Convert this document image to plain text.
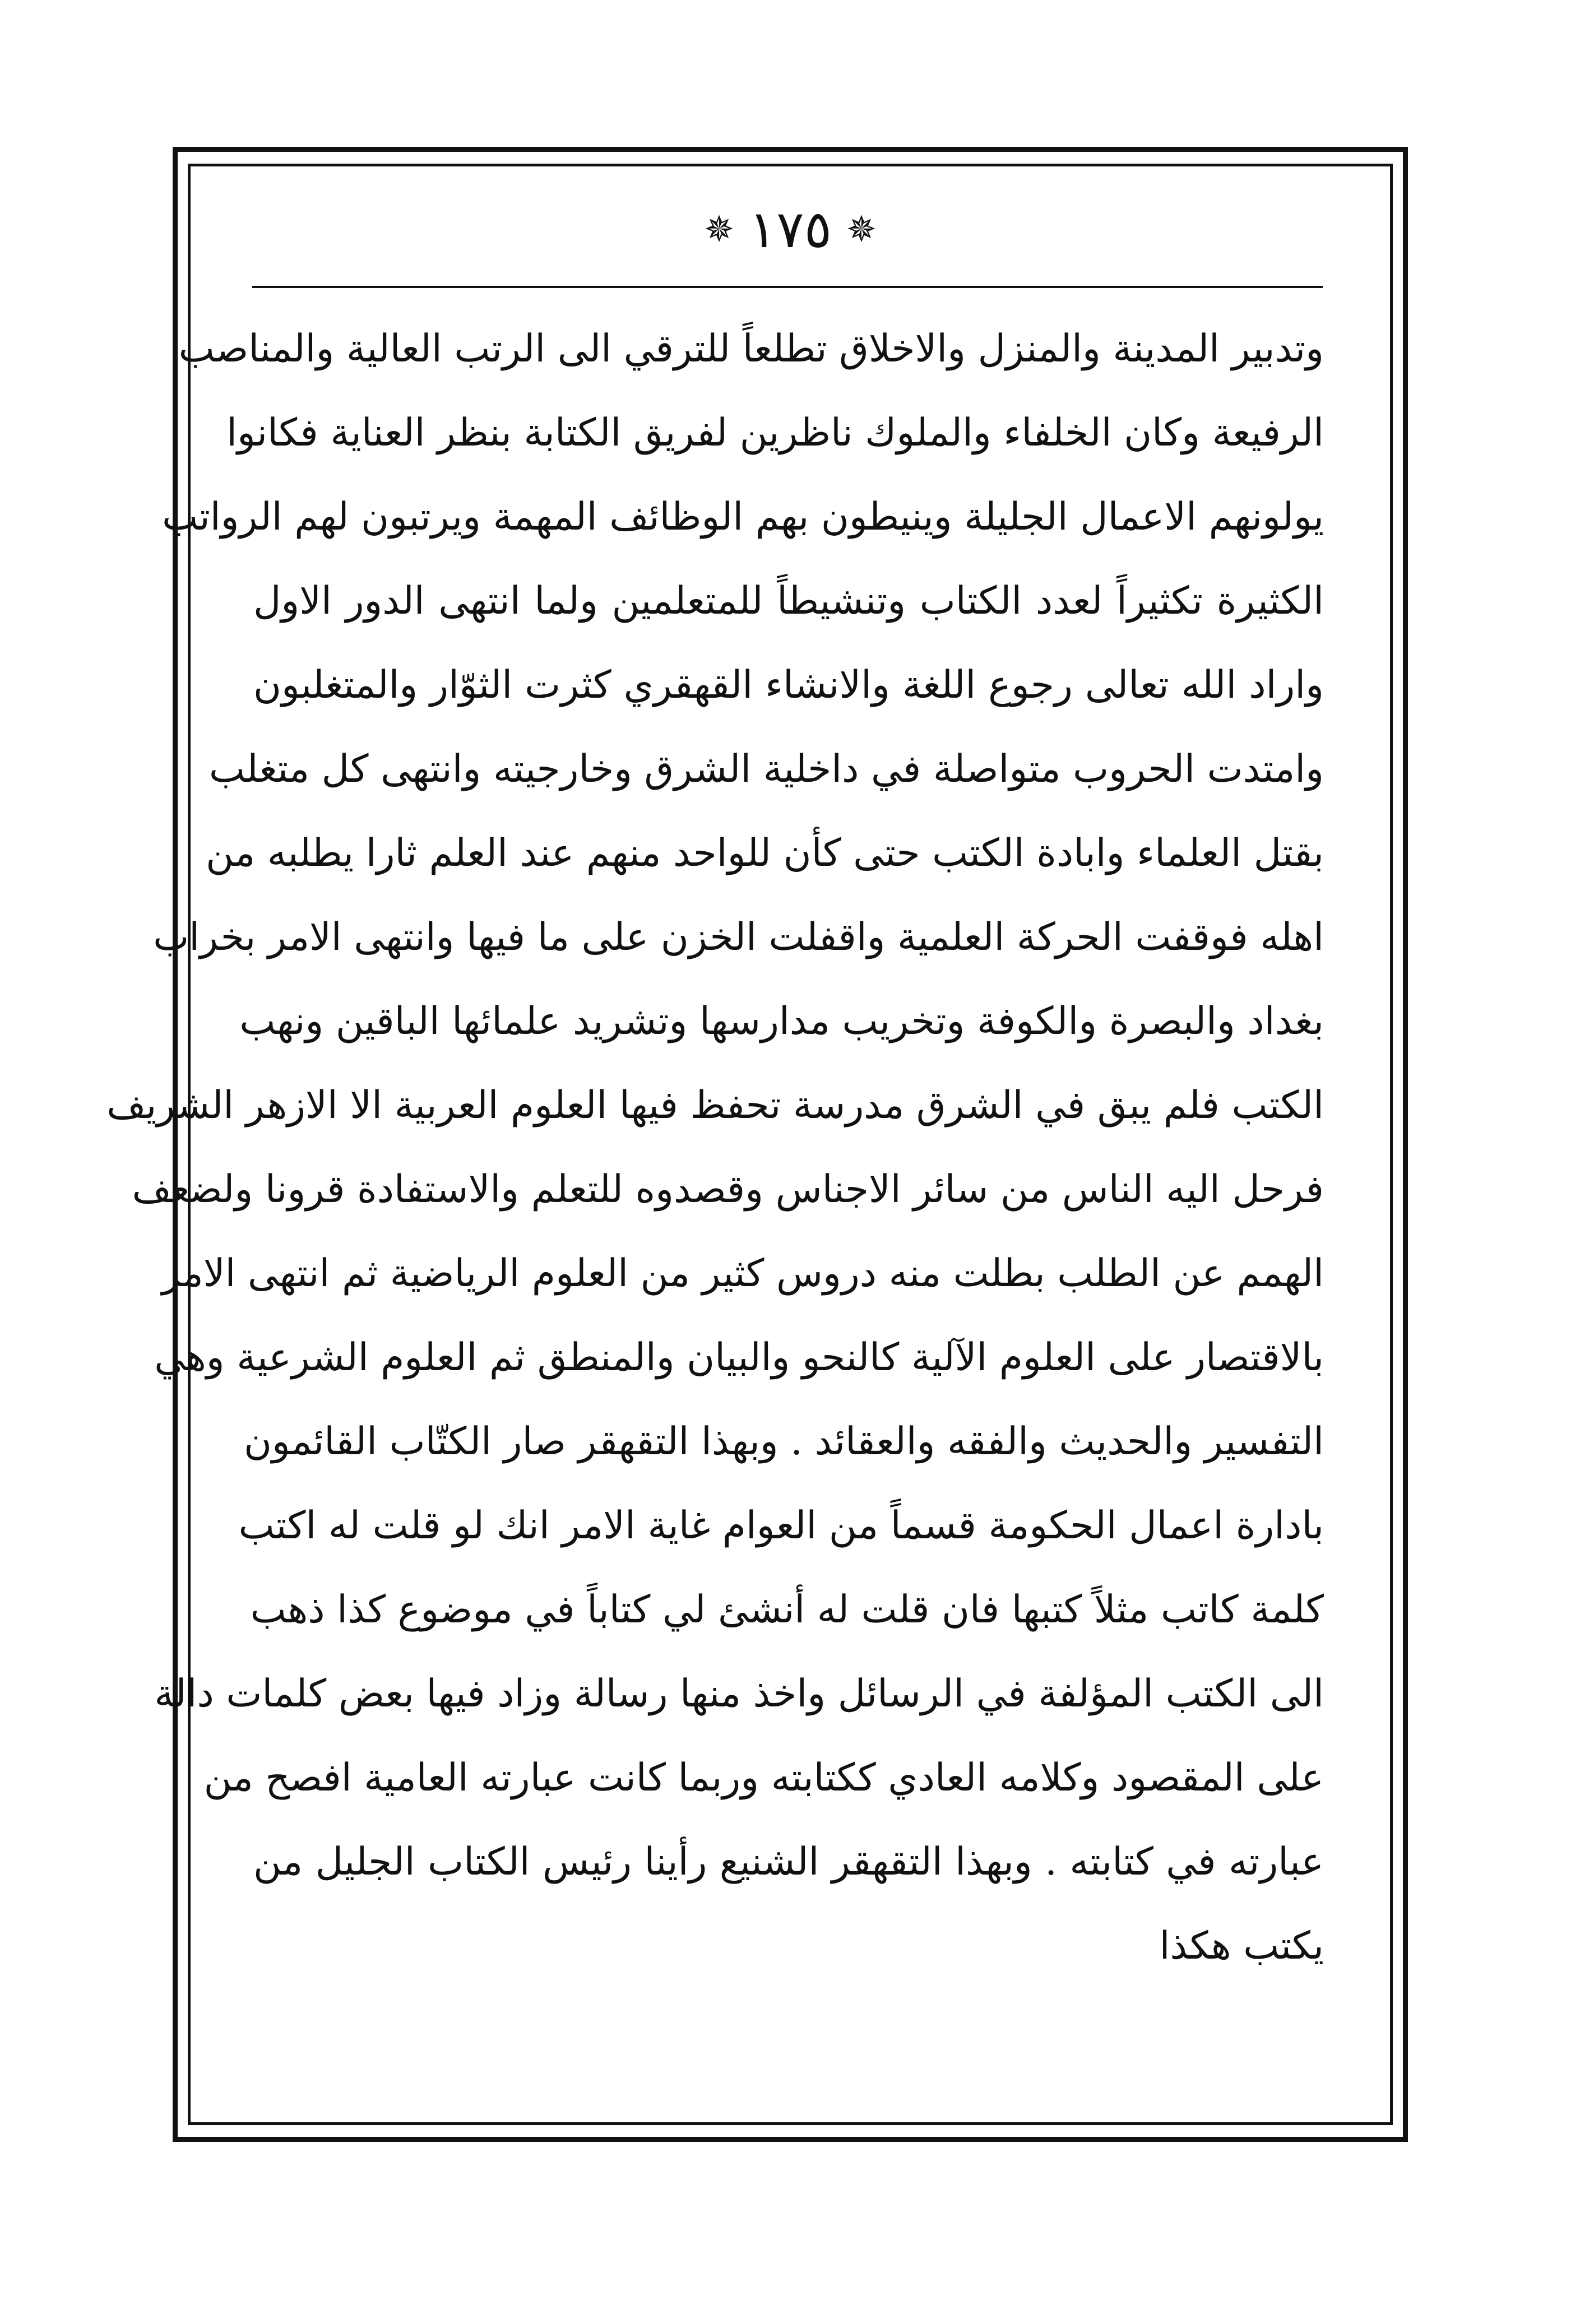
✵
١٧٥
✵
وتدبير المدينة والمنزل والاخلاق تطلعاً للترقي الى الرتب العالية والمناصب
الرفيعة وكان الخلفاء والملوك ناظرين لفريق الكتابة بنظر العناية فكانوا
يولونهم الاعمال الجليلة وينيطون بهم الوظائف المهمة ويرتبون لهم الرواتب
الكثيرة تكثيراً لعدد الكتاب وتنشيطاً للمتعلمين ولما انتهى الدور الاول
واراد الله تعالى رجوع اللغة والانشاء القهقري كثرت الثوّار والمتغلبون
وامتدت الحروب متواصلة في داخلية الشرق وخارجيته وانتهى كل متغلب
بقتل العلماء وابادة الكتب حتى كأن للواحد منهم عند العلم ثارا يطلبه من
اهله فوقفت الحركة العلمية واقفلت الخزن على ما فيها وانتهى الامر بخراب
بغداد والبصرة والكوفة وتخريب مدارسها وتشريد علمائها الباقين ونهب
الكتب فلم يبق في الشرق مدرسة تحفظ فيها العلوم العربية الا الازهر الشريف
فرحل اليه الناس من سائر الاجناس وقصدوه للتعلم والاستفادة قرونا ولضعف
الهمم عن الطلب بطلت منه دروس كثير من العلوم الرياضية ثم انتهى الامر
بالاقتصار على العلوم الآلية كالنحو والبيان والمنطق ثم العلوم الشرعية وهي
التفسير والحديث والفقه والعقائد . وبهذا التقهقر صار الكتّاب القائمون
بادارة اعمال الحكومة قسماً من العوام غاية الامر انك لو قلت له اكتب
كلمة كاتب مثلاً كتبها فان قلت له أنشئ لي كتاباً في موضوع كذا ذهب
الى الكتب المؤلفة في الرسائل واخذ منها رسالة وزاد فيها بعض كلمات دالة
على المقصود وكلامه العادي ككتابته وربما كانت عبارته العامية افصح من
عبارته في كتابته . وبهذا التقهقر الشنيع رأينا رئيس الكتاب الجليل من
يكتب هكذا
